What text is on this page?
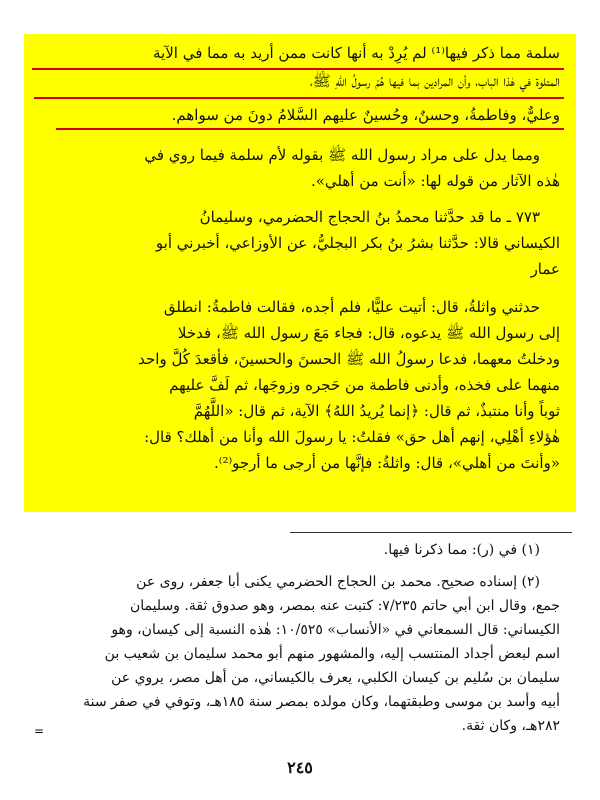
سلمة مما ذكر فيها⁽¹⁾ لم يُرِدْ به أنها كانت ممن أريد به مما في الآية
المتلوة في هٰذا الباب، وأن المرادين بما فيها هُمْ رسولُ اللهِ ﷺ،
وعليٌّ، وفاطمةُ، وحسنٌ، وحُسينٌ عليهم السَّلامُ دونَ من سواهم.
ومما يدل على مراد رسول الله ﷺ بقوله لأم سلمة فيما روي في
هٰذه الآثار من قوله لها: «أنت من أهلي».
٧٧٣ ـ ما قد حدَّثنا محمدُ بنُ الحجاج الحضرمي، وسليمانُ
الكيساني قالا: حدَّثنا بشرُ بنُ بكر البجليُّ، عن الأوزاعي، أخبرني أبو
عمار
حدثني واثلةُ، قال: أتيت عليًّا، فلم أجده، فقالت فاطمةُ: انطلق
إلى رسول الله ﷺ يدعوه، قال: فجاء مَعَ رسول الله ﷺ، فدخلا
ودخلتُ معهما، فدعا رسولُ الله ﷺ الحسنَ والحسينَ، فأقعدَ كُلَّ واحد
منهما على فخذه، وأدنى فاطمة من حَجره وزوجَها، ثم لَفَّ عليهم
ثوباً وأنا منتبذٌ، ثم قال: ﴿إنما يُريدُ اللهُ﴾ الآية، ثم قال: «اللَّهُمَّ
هٰؤلاءِ أهْلِي، إنهم أهل حق» فقلتُ: يا رسولَ الله وأنا من أهلك؟ قال:
«وأنتَ من أهلي»، قال: واثلةُ: فإنَّها من أرجى ما أرجو⁽²⁾.
(١) في (ر): مما ذكرنا فيها.
(٢) إسناده صحيح. محمد بن الحجاج الحضرمي يكنى أبا جعفر، روى عن
جمع، وقال ابن أبي حاتم ٧/٢٣٥: كتبت عنه بمصر، وهو صدوق ثقة. وسليمان
الكيساني: قال السمعاني في «الأنساب» ١٠/٥٢٥: هٰذه النسبة إلى كيسان، وهو
اسم لبعض أجداد المنتسب إليه، والمشهور منهم أبو محمد سليمان بن شعيب بن
سليمان بن سُليم بن كيسان الكلبي، يعرف بالكيساني، من أهل مصر، يروي عن
أبيه وأسد بن موسى وطبقتهما، وكان مولده بمصر سنة ١٨٥هـ، وتوفي في صفر سنة
٢٨٢هـ، وكان ثقة.
=
٢٤٥
